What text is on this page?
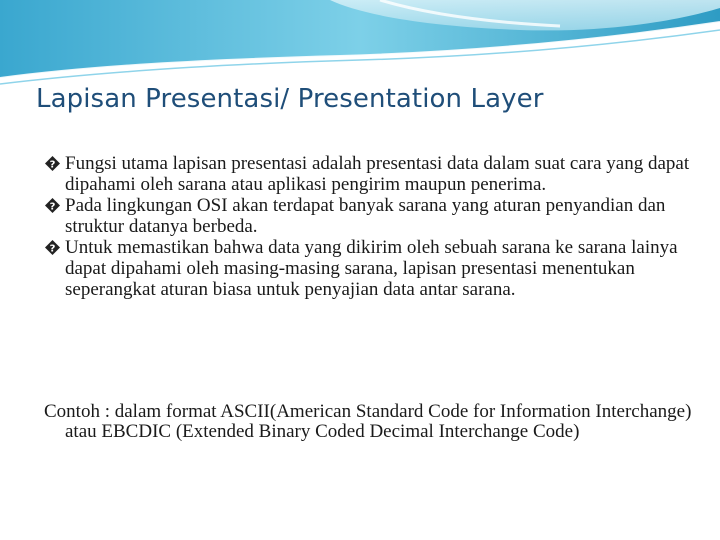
Lapisan Presentasi/ Presentation Layer
? Fungsi utama lapisan presentasi adalah presentasi data dalam suat cara yang dapat dipahami oleh sarana atau aplikasi pengirim maupun penerima.
? Pada lingkungan OSI akan terdapat banyak sarana yang aturan penyandian dan struktur datanya berbeda.
? Untuk memastikan bahwa data yang dikirim oleh sebuah sarana ke sarana lainya dapat dipahami oleh masing-masing sarana, lapisan presentasi menentukan seperangkat aturan biasa untuk penyajian data antar sarana.

Contoh : dalam format ASCII(American Standard Code for Information Interchange) atau EBCDIC (Extended Binary Coded Decimal Interchange Code)
